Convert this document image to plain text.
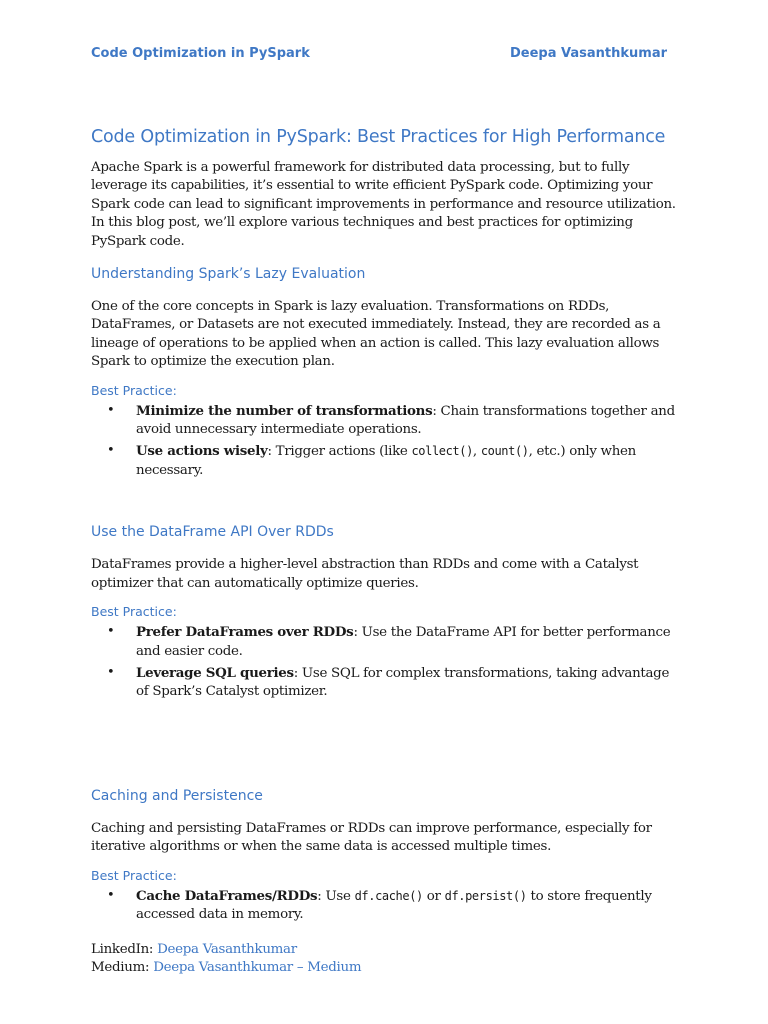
Code Optimization in PySpark	Deepa Vasanthkumar
Code Optimization in PySpark: Best Practices for High Performance

Apache Spark is a powerful framework for distributed data processing, but to fully leverage its capabilities, it’s essential to write efficient PySpark code. Optimizing your Spark code can lead to significant improvements in performance and resource utilization. In this blog post, we’ll explore various techniques and best practices for optimizing PySpark code.

Understanding Spark’s Lazy Evaluation

One of the core concepts in Spark is lazy evaluation. Transformations on RDDs, DataFrames, or Datasets are not executed immediately. Instead, they are recorded as a lineage of operations to be applied when an action is called. This lazy evaluation allows Spark to optimize the execution plan.

Best Practice:
• Minimize the number of transformations: Chain transformations together and avoid unnecessary intermediate operations.
• Use actions wisely: Trigger actions (like collect(), count(), etc.) only when necessary.
Use the DataFrame API Over RDDs

DataFrames provide a higher-level abstraction than RDDs and come with a Catalyst optimizer that can automatically optimize queries.

Best Practice:
• Prefer DataFrames over RDDs: Use the DataFrame API for better performance and easier code.
• Leverage SQL queries: Use SQL for complex transformations, taking advantage of Spark’s Catalyst optimizer.
Caching and Persistence

Caching and persisting DataFrames or RDDs can improve performance, especially for iterative algorithms or when the same data is accessed multiple times.

Best Practice:
• Cache DataFrames/RDDs: Use df.cache() or df.persist() to store frequently accessed data in memory.
LinkedIn: Deepa Vasanthkumar
Medium: Deepa Vasanthkumar – Medium
